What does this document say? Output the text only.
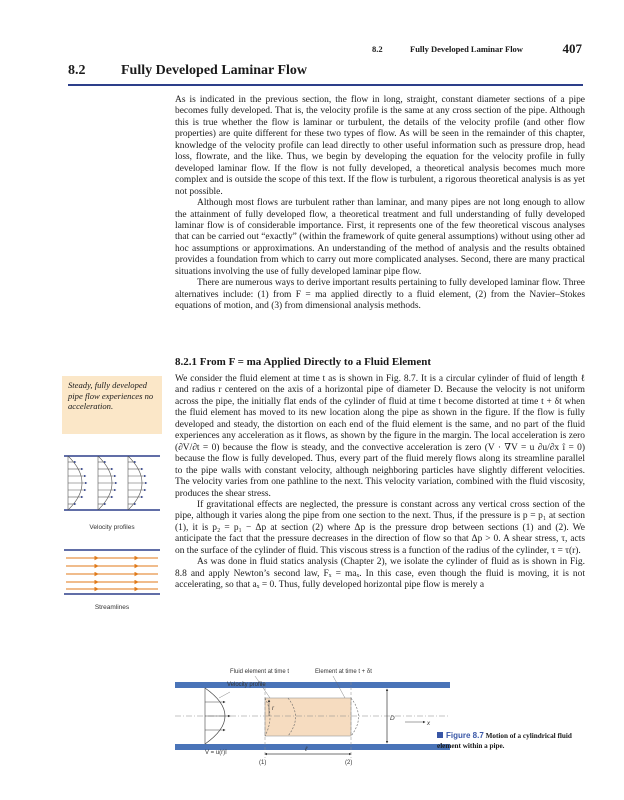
8.2	Fully Developed Laminar Flow	407
8.2	Fully Developed Laminar Flow

As is indicated in the previous section, the flow in long, straight, constant diameter sections of a pipe becomes fully developed. That is, the velocity profile is the same at any cross section of the pipe. Although this is true whether the flow is laminar or turbulent, the details of the velocity profile (and other flow properties) are quite different for these two types of flow. As will be seen in the remainder of this chapter, knowledge of the velocity profile can lead directly to other useful information such as pressure drop, head loss, flowrate, and the like. Thus, we begin by developing the equation for the velocity profile in fully developed laminar flow. If the flow is not fully developed, a theoretical analysis becomes much more complex and is outside the scope of this text. If the flow is turbulent, a rigorous theoretical analysis is as yet not possible.

Although most flows are turbulent rather than laminar, and many pipes are not long enough to allow the attainment of fully developed flow, a theoretical treatment and full understanding of fully developed laminar flow is of considerable importance. First, it represents one of the few theoretical viscous analyses that can be carried out “exactly” (within the framework of quite general assumptions) without using other ad hoc assumptions or approximations. An understanding of the method of analysis and the results obtained provides a foundation from which to carry out more complicated analyses. Second, there are many practical situations involving the use of fully developed laminar pipe flow.

There are numerous ways to derive important results pertaining to fully developed laminar flow. Three alternatives include: (1) from F = ma applied directly to a fluid element, (2) from the Navier–Stokes equations of motion, and (3) from dimensional analysis methods.

8.2.1 From F = ma Applied Directly to a Fluid Element
Steady, fully developed pipe flow experiences no acceleration.

We consider the fluid element at time t as is shown in Fig. 8.7. It is a circular cylinder of fluid of length ℓ and radius r centered on the axis of a horizontal pipe of diameter D. Because the velocity is not uniform across the pipe, the initially flat ends of the cylinder of fluid at time t become distorted at time t + δt when the fluid element has moved to its new location along the pipe as shown in the figure. If the flow is fully developed and steady, the distortion on each end of the fluid element is the same, and no part of the fluid experiences any acceleration as it flows, as shown by the figure in the margin. The local acceleration is zero (∂V/∂t = 0) because the flow is steady, and the convective acceleration is zero (V · ∇V = u ∂u/∂x î = 0) because the flow is fully developed. Thus, every part of the fluid merely flows along its streamline parallel to the pipe walls with constant velocity, although neighboring particles have slightly different velocities. The velocity varies from one pathline to the next. This velocity variation, combined with the fluid viscosity, produces the shear stress.

If gravitational effects are neglected, the pressure is constant across any vertical cross section of the pipe, although it varies along the pipe from one section to the next. Thus, if the pressure is p = p₁ at section (1), it is p₂ = p₁ − Δp at section (2) where Δp is the pressure drop between sections (1) and (2). We anticipate the fact that the pressure decreases in the direction of flow so that Δp > 0. A shear stress, τ, acts on the surface of the cylinder of fluid. This viscous stress is a function of the radius of the cylinder, τ = τ(r).

As was done in fluid statics analysis (Chapter 2), we isolate the cylinder of fluid as is shown in Fig. 8.8 and apply Newton’s second law, Fₓ = maₓ. In this case, even though the fluid is moving, it is not accelerating, so that aₓ = 0. Thus, fully developed horizontal pipe flow is merely a

Velocity profiles
Streamlines
Fluid element at time t	Element at time t + δt
Velocity profile
r
D
x
ℓ
V = u(r)î
(1)	(2)
Figure 8.7 Motion of a cylindrical fluid element within a pipe.
